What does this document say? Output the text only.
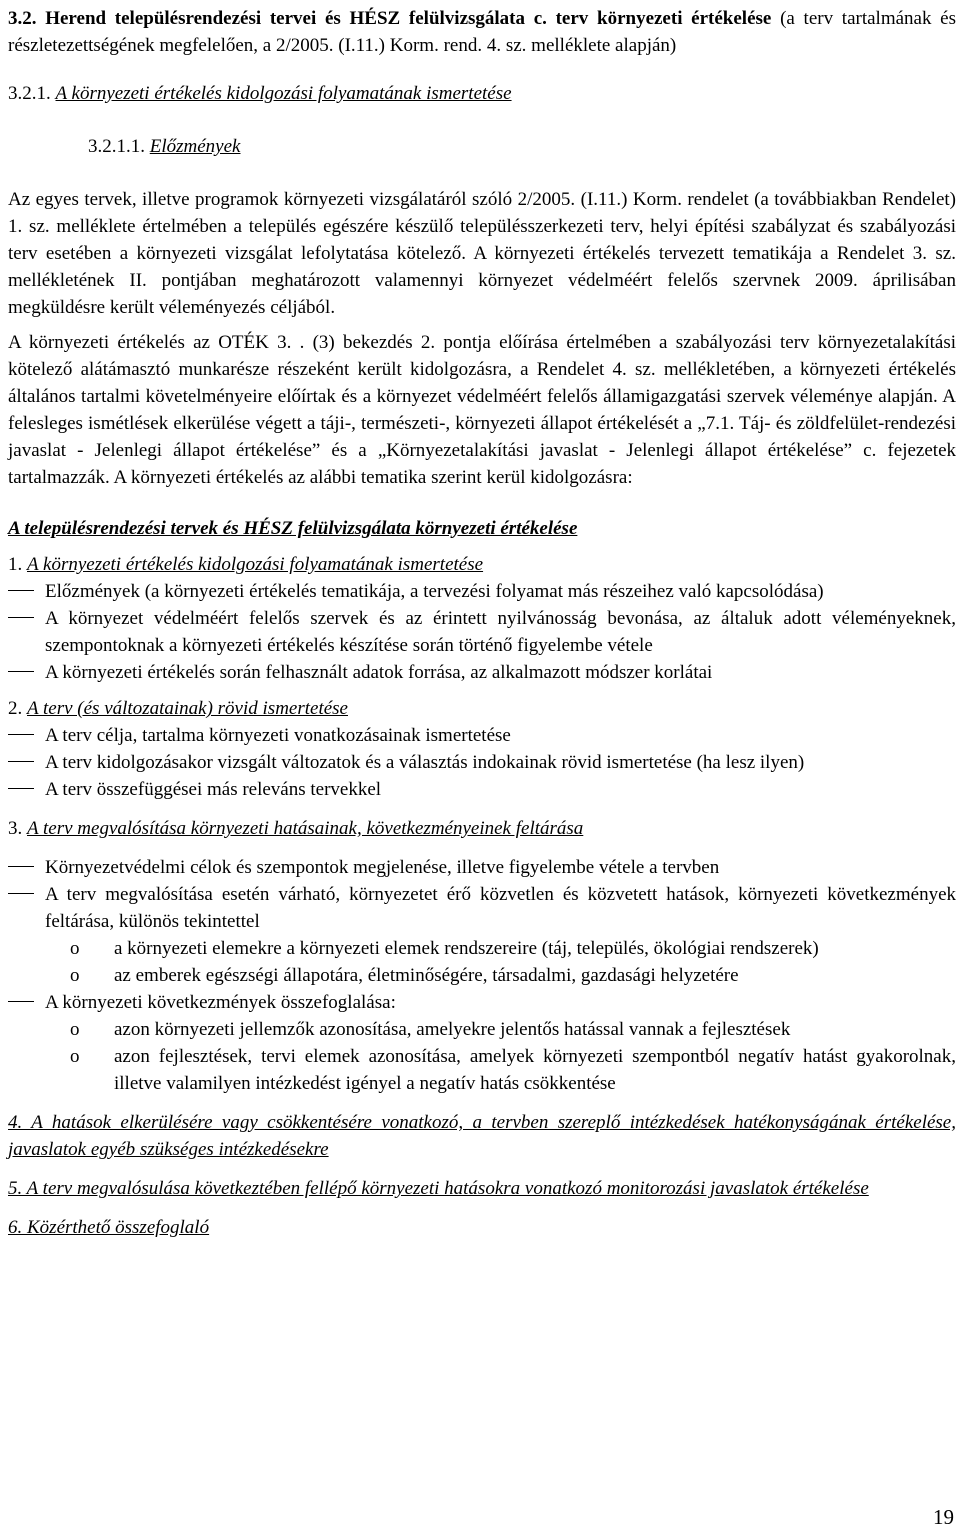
3.2. Herend településrendezési tervei és HÉSZ felülvizsgálata c. terv környezeti értékelése (a terv tartalmának és részletezettségének megfelelően, a 2/2005. (I.11.) Korm. rend. 4. sz. melléklete alapján)

3.2.1. A környezeti értékelés kidolgozási folyamatának ismertetése

3.2.1.1. Előzmények

Az egyes tervek, illetve programok környezeti vizsgálatáról szóló 2/2005. (I.11.) Korm. rendelet (a továbbiakban Rendelet) 1. sz. melléklete értelmében a település egészére készülő településszerkezeti terv, helyi építési szabályzat és szabályozási terv esetében a környezeti vizsgálat lefolytatása kötelező. A környezeti értékelés tervezett tematikája a Rendelet 3. sz. mellékletének II. pontjában meghatározott valamennyi környezet védelméért felelős szervnek 2009. áprilisában megküldésre került véleményezés céljából.

A környezeti értékelés az OTÉK 3. . (3) bekezdés 2. pontja előírása értelmében a szabályozási terv környezetalakítási kötelező alátámasztó munkarésze részeként került kidolgozásra, a Rendelet 4. sz. mellékletében, a környezeti értékelés általános tartalmi követelményeire előírtak és a környezet védelméért felelős államigazgatási szervek véleménye alapján. A felesleges ismétlések elkerülése végett a táji-, természeti-, környezeti állapot értékelését a „7.1. Táj- és zöldfelület-rendezési javaslat - Jelenlegi állapot értékelése” és a „Környezetalakítási javaslat - Jelenlegi állapot értékelése” c. fejezetek tartalmazzák. A környezeti értékelés az alábbi tematika szerint kerül kidolgozásra:

A településrendezési tervek és HÉSZ felülvizsgálata környezeti értékelése

1. A környezeti értékelés kidolgozási folyamatának ismertetése

Előzmények (a környezeti értékelés tematikája, a tervezési folyamat más részeihez való kapcsolódása)
A környezet védelméért felelős szervek és az érintett nyilvánosság bevonása, az általuk adott véleményeknek, szempontoknak a környezeti értékelés készítése során történő figyelembe vétele
A környezeti értékelés során felhasznált adatok forrása, az alkalmazott módszer korlátai

2. A terv (és változatainak) rövid ismertetése

A terv célja, tartalma környezeti vonatkozásainak ismertetése
A terv kidolgozásakor vizsgált változatok és a választás indokainak rövid ismertetése (ha lesz ilyen)
A terv összefüggései más releváns tervekkel

3. A terv megvalósítása környezeti hatásainak, következményeinek feltárása

Környezetvédelmi célok és szempontok megjelenése, illetve figyelembe vétele a tervben
A terv megvalósítása esetén várható, környezetet érő közvetlen és közvetett hatások, környezeti következmények feltárása, különös tekintettel
o a környezeti elemekre a környezeti elemek rendszereire (táj, település, ökológiai rendszerek)
o az emberek egészségi állapotára, életminőségére, társadalmi, gazdasági helyzetére
A környezeti következmények összefoglalása:
o azon környezeti jellemzők azonosítása, amelyekre jelentős hatással vannak a fejlesztések
o azon fejlesztések, tervi elemek azonosítása, amelyek környezeti szempontból negatív hatást gyakorolnak, illetve valamilyen intézkedést igényel a negatív hatás csökkentése

4. A hatások elkerülésére vagy csökkentésére vonatkozó, a tervben szereplő intézkedések hatékonyságának értékelése, javaslatok egyéb szükséges intézkedésekre

5. A terv megvalósulása következtében fellépő környezeti hatásokra vonatkozó monitorozási javaslatok értékelése

6. Közérthető összefoglaló

19
